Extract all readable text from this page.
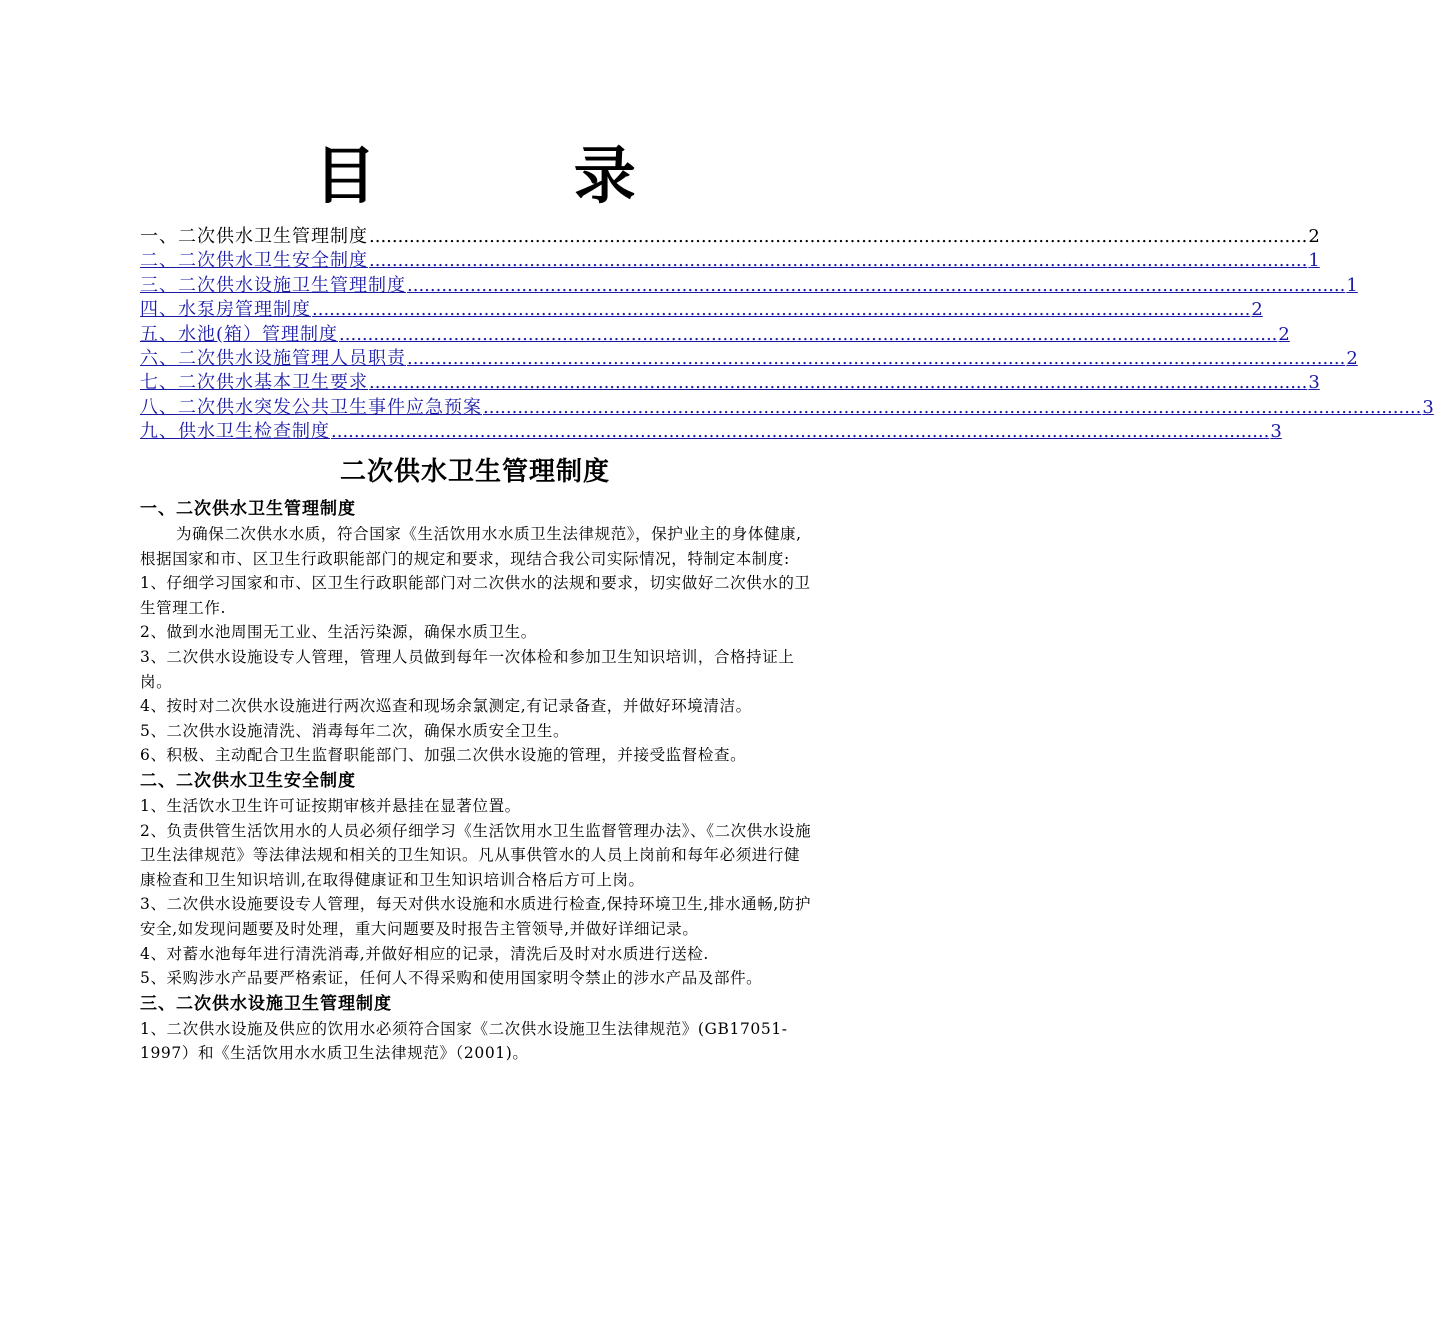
目 录
一、二次供水卫生管理制度 .................................................................................................................................................................... 2
二、二次供水卫生安全制度 .................................................................................................................................................................... 1
三、二次供水设施卫生管理制度 .................................................................................................................................................................... 1
四、水泵房管理制度 .................................................................................................................................................................... 2
五、水池(箱）管理制度 .................................................................................................................................................................... 2
六、二次供水设施管理人员职责 .................................................................................................................................................................... 2
七、二次供水基本卫生要求 .................................................................................................................................................................... 3
八、二次供水突发公共卫生事件应急预案 .................................................................................................................................................................... 3
九、供水卫生检查制度 .................................................................................................................................................................... 3
二次供水卫生管理制度
一、二次供水卫生管理制度

为确保二次供水水质，符合国家《生活饮用水水质卫生法律规范》，保护业主的身体健康,根据国家和市、区卫生行政职能部门的规定和要求，现结合我公司实际情况，特制定本制度:

1、仔细学习国家和市、区卫生行政职能部门对二次供水的法规和要求，切实做好二次供水的卫生管理工作.

2、做到水池周围无工业、生活污染源，确保水质卫生。

3、二次供水设施设专人管理，管理人员做到每年一次体检和参加卫生知识培训，合格持证上岗。

4、按时对二次供水设施进行两次巡查和现场余氯测定,有记录备查，并做好环境清洁。

5、二次供水设施清洗、消毒每年二次，确保水质安全卫生。

6、积极、主动配合卫生监督职能部门、加强二次供水设施的管理，并接受监督检查。

二、二次供水卫生安全制度

1、生活饮水卫生许可证按期审核并悬挂在显著位置。

2、负责供管生活饮用水的人员必须仔细学习《生活饮用水卫生监督管理办法》、《二次供水设施卫生法律规范》等法律法规和相关的卫生知识。凡从事供管水的人员上岗前和每年必须进行健康检查和卫生知识培训,在取得健康证和卫生知识培训合格后方可上岗。

3、二次供水设施要设专人管理，每天对供水设施和水质进行检查,保持环境卫生,排水通畅,防护安全,如发现问题要及时处理，重大问题要及时报告主管领导,并做好详细记录。

4、对蓄水池每年进行清洗消毒,并做好相应的记录，清洗后及时对水质进行送检.

5、采购涉水产品要严格索证，任何人不得采购和使用国家明令禁止的涉水产品及部件。

三、二次供水设施卫生管理制度

1、二次供水设施及供应的饮用水必须符合国家《二次供水设施卫生法律规范》(GB17051-1997）和《生活饮用水水质卫生法律规范》（2001)。
